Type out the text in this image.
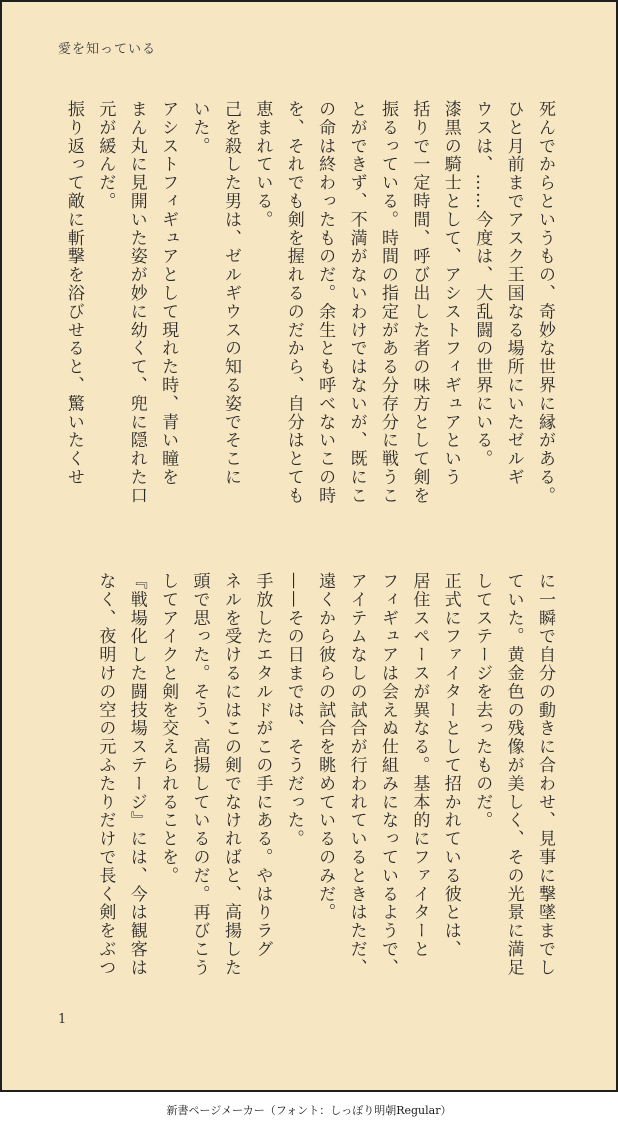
愛を知っている
死んでからというもの、奇妙な世界に縁がある。
ひと月前までアスク王国なる場所にいたゼルギ
ウスは、……今度は、大乱闘の世界にいる。
漆黒の騎士として、アシストフィギュアという
括りで一定時間、呼び出した者の味方として剣を
振るっている。時間の指定がある分存分に戦うこ
とができず、不満がないわけではないが、既にこ
の命は終わったものだ。余生とも呼べないこの時
を、それでも剣を握れるのだから、自分はとても
恵まれている。
己を殺した男は、ゼルギウスの知る姿でそこに
いた。
アシストフィギュアとして現れた時、青い瞳を
まん丸に見開いた姿が妙に幼くて、兜に隠れた口
元が緩んだ。
振り返って敵に斬撃を浴びせると、驚いたくせ
に一瞬で自分の動きに合わせ、見事に撃墜までし
ていた。黄金色の残像が美しく、その光景に満足
してステージを去ったものだ。
正式にファイターとして招かれている彼とは、
居住スペースが異なる。基本的にファイターと
フィギュアは会えぬ仕組みになっているようで、
アイテムなしの試合が行われているときはただ、
遠くから彼らの試合を眺めているのみだ。
——その日までは、そうだった。
手放したエタルドがこの手にある。やはりラグ
ネルを受けるにはこの剣でなければと、高揚した
頭で思った。そう、高揚しているのだ。再びこう
してアイクと剣を交えられることを。
『戦場化した闘技場ステージ』には、今は観客は
なく、夜明けの空の元ふたりだけで長く剣をぶつ
1
新書ページメーカー（フォント：しっぽり明朝Regular）
